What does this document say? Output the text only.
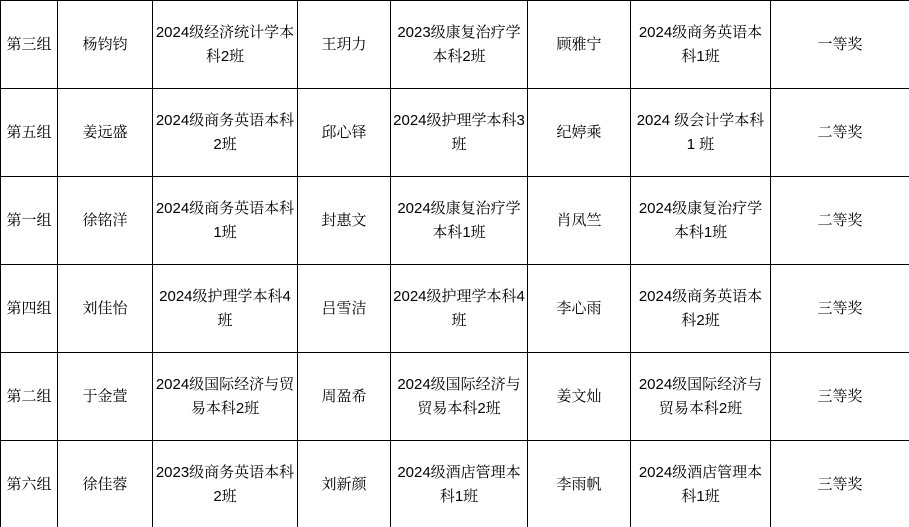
第三组	杨钧钧	2024级经济统计学本科2班	王玥力	2023级康复治疗学本科2班	顾雅宁	2024级商务英语本科1班	一等奖
第五组	姜远盛	2024级商务英语本科2班	邱心铎	2024级护理学本科3班	纪婷乘	2024 级会计学本科 1 班	二等奖
第一组	徐铭洋	2024级商务英语本科1班	封惠文	2024级康复治疗学本科1班	肖凤竺	2024级康复治疗学本科1班	二等奖
第四组	刘佳怡	2024级护理学本科4班	吕雪洁	2024级护理学本科4班	李心雨	2024级商务英语本科2班	三等奖
第二组	于金萱	2024级国际经济与贸易本科2班	周盈希	2024级国际经济与贸易本科2班	姜文灿	2024级国际经济与贸易本科2班	三等奖
第六组	徐佳蓉	2023级商务英语本科2班	刘新颜	2024级酒店管理本科1班	李雨帆	2024级酒店管理本科1班	三等奖
